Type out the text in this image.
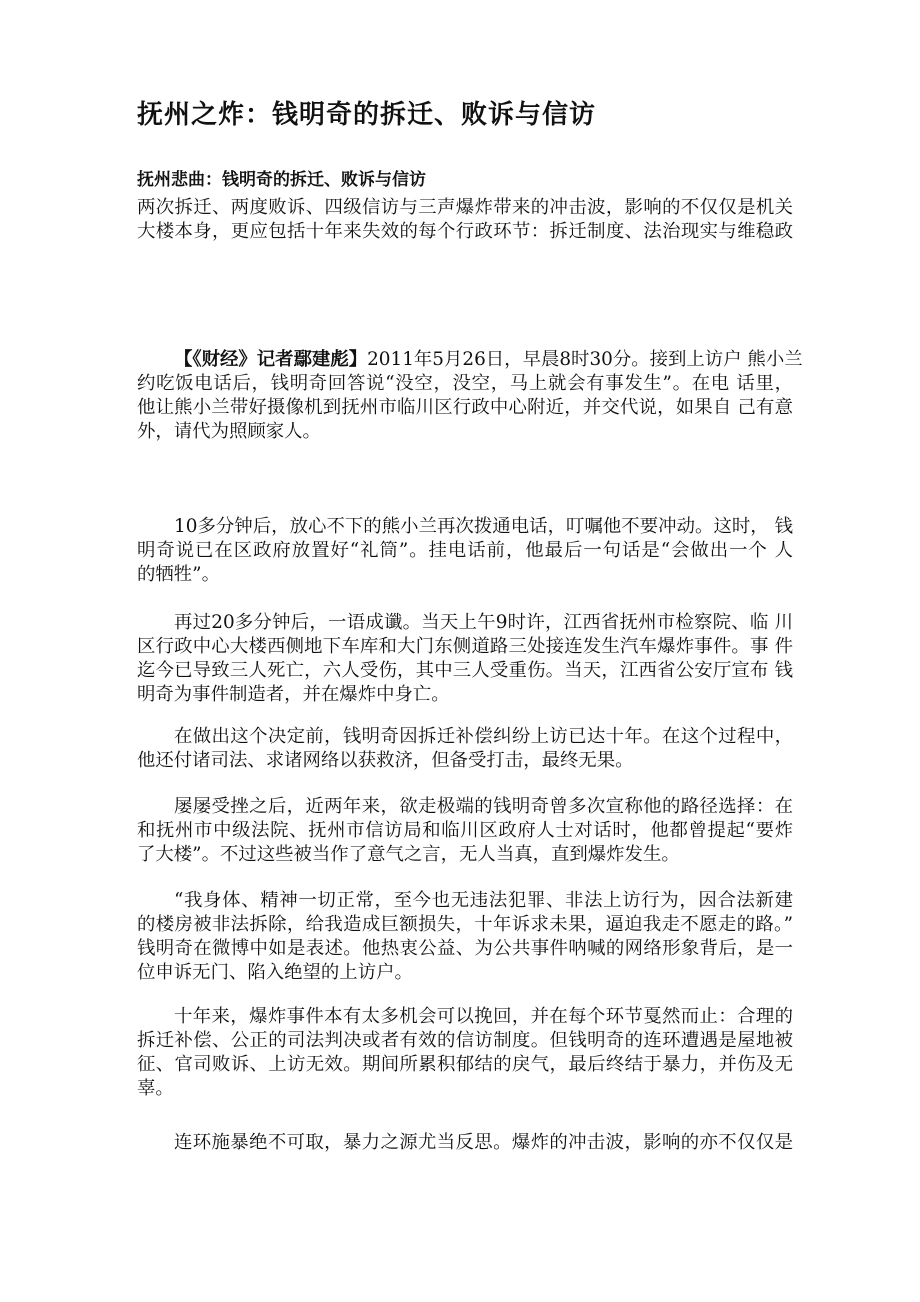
抚州之炸：钱明奇的拆迁、败诉与信访
抚州悲曲：钱明奇的拆迁、败诉与信访
两次拆迁、两度败诉、四级信访与三声爆炸带来的冲击波，影响的不仅仅是机关
大楼本身，更应包括十年来失效的每个行政环节：拆迁制度、法治现实与维稳政
【《财经》记者鄢建彪】2011年5月26日，早晨8时30分。接到上访户 熊小兰
约吃饭电话后，钱明奇回答说“没空，没空，马上就会有事发生”。在电 话里，
他让熊小兰带好摄像机到抚州市临川区行政中心附近，并交代说，如果自 己有意
外，请代为照顾家人。
10多分钟后，放心不下的熊小兰再次拨通电话，叮嘱他不要冲动。这时， 钱
明奇说已在区政府放置好“礼筒”。挂电话前，他最后一句话是“会做出一个 人
的牺牲”。
再过20多分钟后，一语成谶。当天上午9时许，江西省抚州市检察院、临 川
区行政中心大楼西侧地下车库和大门东侧道路三处接连发生汽车爆炸事件。事 件
迄今已导致三人死亡，六人受伤，其中三人受重伤。当天，江西省公安厅宣布 钱
明奇为事件制造者，并在爆炸中身亡。
在做出这个决定前，钱明奇因拆迁补偿纠纷上访已达十年。在这个过程中，
他还付诸司法、求诸网络以获救济，但备受打击，最终无果。
屡屡受挫之后，近两年来，欲走极端的钱明奇曾多次宣称他的路径选择：在
和抚州市中级法院、抚州市信访局和临川区政府人士对话时，他都曾提起“要炸
了大楼”。不过这些被当作了意气之言，无人当真，直到爆炸发生。
“我身体、精神一切正常，至今也无违法犯罪、非法上访行为，因合法新建
的楼房被非法拆除，给我造成巨额损失，十年诉求未果，逼迫我走不愿走的路。”
钱明奇在微博中如是表述。他热衷公益、为公共事件呐喊的网络形象背后，是一
位申诉无门、陷入绝望的上访户。
十年来，爆炸事件本有太多机会可以挽回，并在每个环节戛然而止：合理的
拆迁补偿、公正的司法判决或者有效的信访制度。但钱明奇的连环遭遇是屋地被
征、官司败诉、上访无效。期间所累积郁结的戾气，最后终结于暴力，并伤及无
辜。
连环施暴绝不可取，暴力之源尤当反思。爆炸的冲击波，影响的亦不仅仅是
